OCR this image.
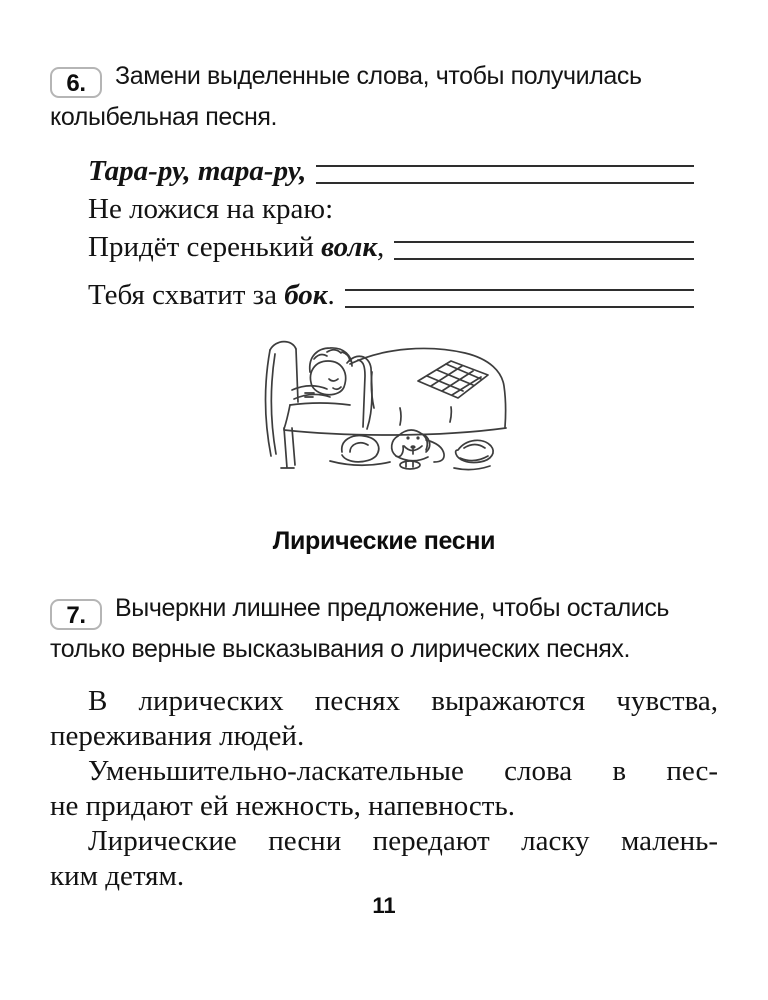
6. Замени выделенные слова, чтобы получилась
колыбельная песня.
Тара-ру, тара-ру,
Не ложися на краю:
Придёт серенький волк ,
Тебя схватит за бок .
Лирические песни
7. Вычеркни лишнее предложение, чтобы остались
только верные высказывания о лирических песнях.
В лирических песнях выражаются чувства,
переживания людей.
Уменьшительно-ласкательные слова в пес-
не придают ей нежность, напевность.
Лирические песни передают ласку малень-
ким детям.
11
